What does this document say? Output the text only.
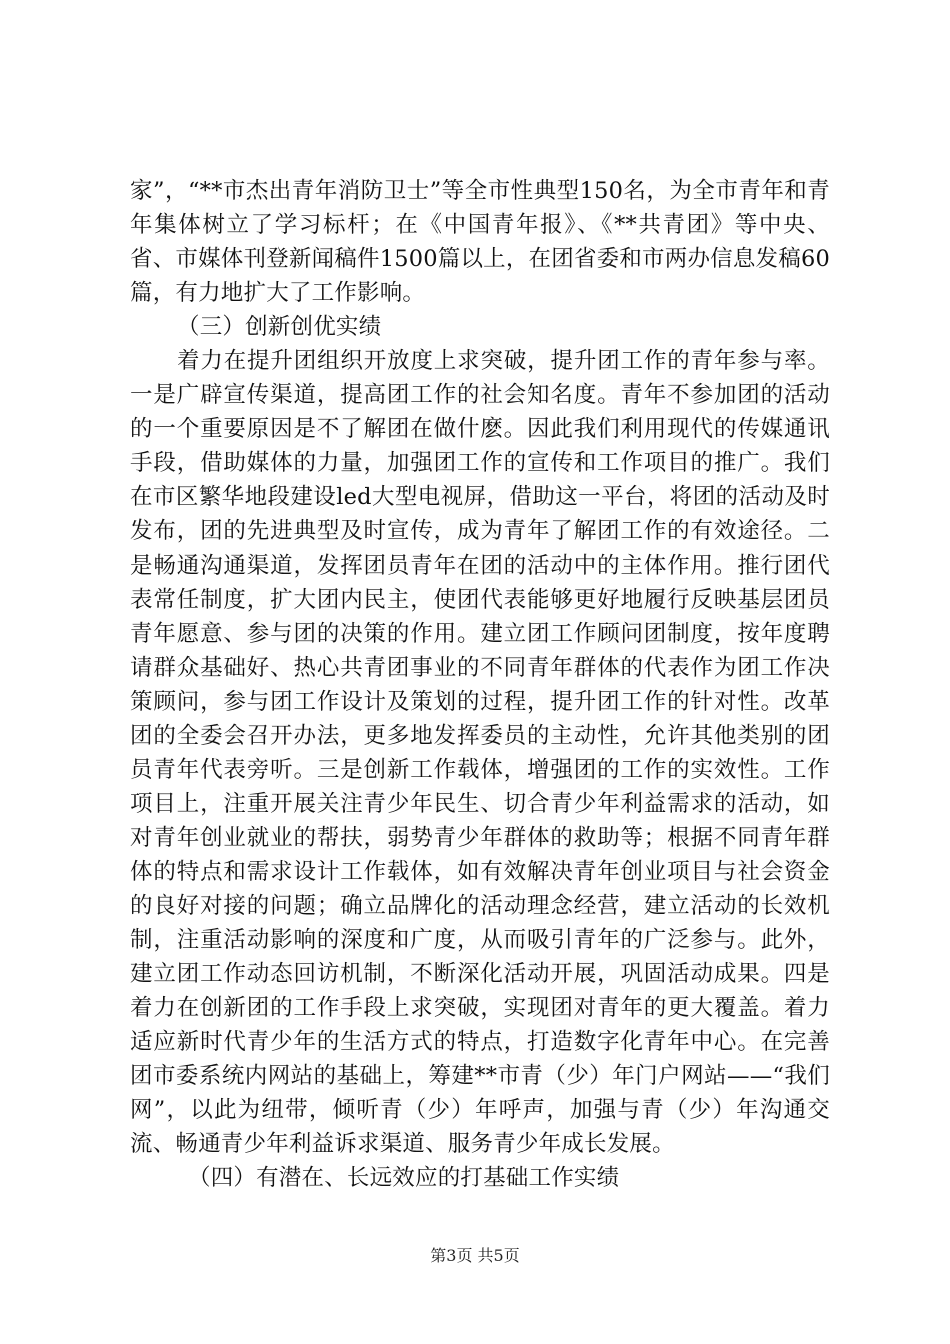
家”，“**市杰出青年消防卫士”等全市性典型150名，为全市青年和青年集体树立了学习标杆；在《中国青年报》、《**共青团》等中央、省、市媒体刊登新闻稿件1500篇以上，在团省委和市两办信息发稿60篇，有力地扩大了工作影响。

（三）创新创优实绩

着力在提升团组织开放度上求突破，提升团工作的青年参与率。一是广辟宣传渠道，提高团工作的社会知名度。青年不参加团的活动的一个重要原因是不了解团在做什麽。因此我们利用现代的传媒通讯手段，借助媒体的力量，加强团工作的宣传和工作项目的推广。我们在市区繁华地段建设led大型电视屏，借助这一平台，将团的活动及时发布，团的先进典型及时宣传，成为青年了解团工作的有效途径。二是畅通沟通渠道，发挥团员青年在团的活动中的主体作用。推行团代表常任制度，扩大团内民主，使团代表能够更好地履行反映基层团员青年愿意、参与团的决策的作用。建立团工作顾问团制度，按年度聘请群众基础好、热心共青团事业的不同青年群体的代表作为团工作决策顾问，参与团工作设计及策划的过程，提升团工作的针对性。改革团的全委会召开办法，更多地发挥委员的主动性，允许其他类别的团员青年代表旁听。三是创新工作载体，增强团的工作的实效性。工作项目上，注重开展关注青少年民生、切合青少年利益需求的活动，如对青年创业就业的帮扶，弱势青少年群体的救助等；根据不同青年群体的特点和需求设计工作载体，如有效解决青年创业项目与社会资金的良好对接的问题；确立品牌化的活动理念经营，建立活动的长效机制，注重活动影响的深度和广度，从而吸引青年的广泛参与。此外，建立团工作动态回访机制，不断深化活动开展，巩固活动成果。四是着力在创新团的工作手段上求突破，实现团对青年的更大覆盖。着力适应新时代青少年的生活方式的特点，打造数字化青年中心。在完善团市委系统内网站的基础上，筹建**市青（少）年门户网站——“我们网”，以此为纽带，倾听青（少）年呼声，加强与青（少）年沟通交流、畅通青少年利益诉求渠道、服务青少年成长发展。

（四）有潜在、长远效应的打基础工作实绩

第3页 共5页
